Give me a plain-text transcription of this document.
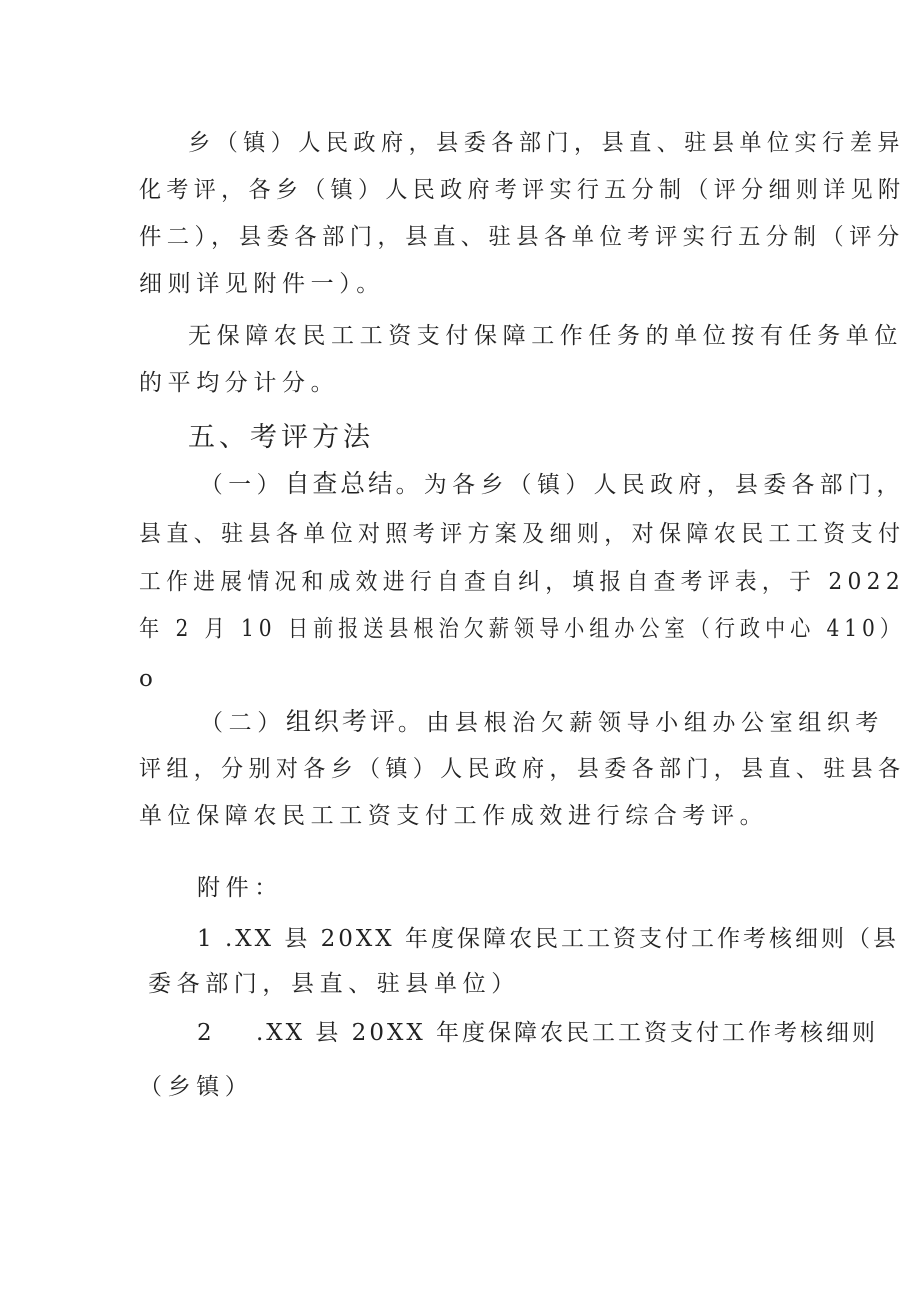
乡（镇）人民政府，县委各部门，县直、驻县单位实行差异
化考评，各乡（镇）人民政府考评实行五分制（评分细则详见附
件二），县委各部门，县直、驻县各单位考评实行五分制（评分
细则详见附件一）。
无保障农民工工资支付保障工作任务的单位按有任务单位
的平均分计分。
五、考评方法
（一）自查总结。为各乡（镇）人民政府，县委各部门，
县直、驻县各单位对照考评方案及细则，对保障农民工工资支付
工作进展情况和成效进行自查自纠，填报自查考评表，于 2022
年 2 月 10 日前报送县根治欠薪领导小组办公室（行政中心 410）
o
（二）组织考评。由县根治欠薪领导小组办公室组织考
评组，分别对各乡（镇）人民政府，县委各部门，县直、驻县各
单位保障农民工工资支付工作成效进行综合考评。
附件：
1 .XX 县 20XX 年度保障农民工工资支付工作考核细则（县
委各部门，县直、驻县单位）
2 .XX 县 20XX 年度保障农民工工资支付工作考核细则
（乡镇）
